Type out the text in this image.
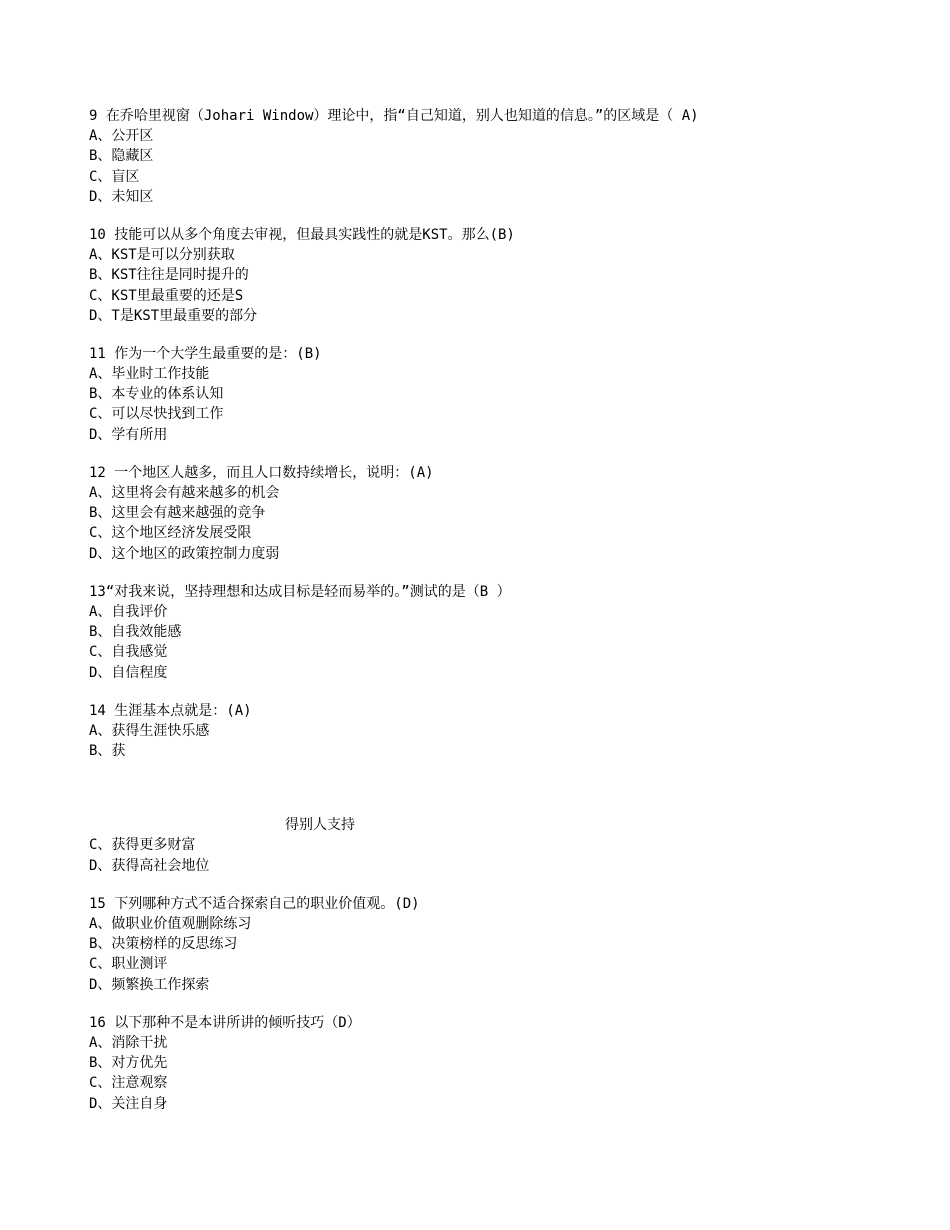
9 在乔哈里视窗（Johari Window）理论中，指“自己知道，别人也知道的信息。”的区域是（ A)
A、公开区
B、隐藏区
C、盲区
D、未知区
10 技能可以从多个角度去审视，但最具实践性的就是KST。那么(B)
A、KST是可以分别获取
B、KST往往是同时提升的
C、KST里最重要的还是S
D、T是KST里最重要的部分
11 作为一个大学生最重要的是：(B)
A、毕业时工作技能
B、本专业的体系认知
C、可以尽快找到工作
D、学有所用
12 一个地区人越多，而且人口数持续增长，说明：(A)
A、这里将会有越来越多的机会
B、这里会有越来越强的竞争
C、这个地区经济发展受限
D、这个地区的政策控制力度弱
13“对我来说，坚持理想和达成目标是轻而易举的。”测试的是（B ）
A、自我评价
B、自我效能感
C、自我感觉
D、自信程度
14 生涯基本点就是：(A)
A、获得生涯快乐感
B、获
得别人支持
C、获得更多财富
D、获得高社会地位
15 下列哪种方式不适合探索自己的职业价值观。(D)
A、做职业价值观删除练习
B、决策榜样的反思练习
C、职业测评
D、频繁换工作探索
16 以下那种不是本讲所讲的倾听技巧（D）
A、消除干扰
B、对方优先
C、注意观察
D、关注自身
